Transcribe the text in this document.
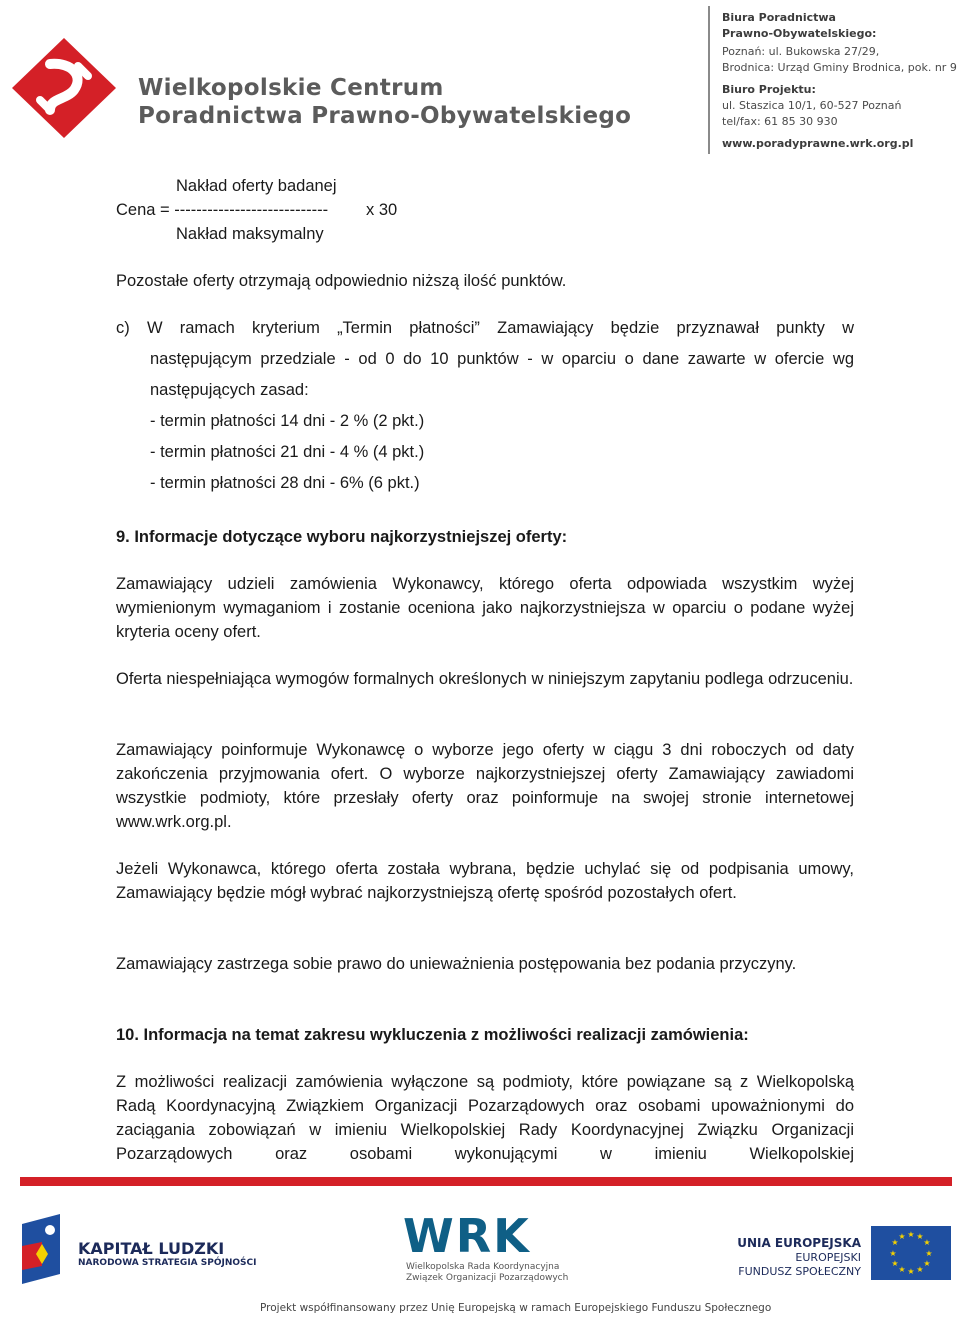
Wielkopolskie Centrum
Poradnictwa Prawno-Obywatelskiego
Biura Poradnictwa
Prawno-Obywatelskiego:
Poznań: ul. Bukowska 27/29,
Brodnica: Urząd Gminy Brodnica, pok. nr 9
Biuro Projektu:
ul. Staszica 10/1, 60-527 Poznań
tel/fax: 61 85 30 930
www.poradyprawne.wrk.org.pl
Nakład oferty badanej
Cena = ---------------------------- x 30
Nakład maksymalny
Pozostałe oferty otrzymają odpowiednio niższą ilość punktów.
c) W ramach kryterium „Termin płatności” Zamawiający będzie przyznawał punkty w
następującym przedziale - od 0 do 10 punktów - w oparciu o dane zawarte w ofercie wg
następujących zasad:
- termin płatności 14 dni - 2 % (2 pkt.)
- termin płatności 21 dni - 4 % (4 pkt.)
- termin płatności 28 dni - 6% (6 pkt.)
9. Informacje dotyczące wyboru najkorzystniejszej oferty:
Zamawiający udzieli zamówienia Wykonawcy, którego oferta odpowiada wszystkim wyżej wymienionym wymaganiom i zostanie oceniona jako najkorzystniejsza w oparciu o podane wyżej kryteria oceny ofert.
Oferta niespełniająca wymogów formalnych określonych w niniejszym zapytaniu podlega odrzuceniu.
Zamawiający poinformuje Wykonawcę o wyborze jego oferty w ciągu 3 dni roboczych od daty zakończenia przyjmowania ofert. O wyborze najkorzystniejszej oferty Zamawiający zawiadomi wszystkie podmioty, które przesłały oferty oraz poinformuje na swojej stronie internetowej www.wrk.org.pl.
Jeżeli Wykonawca, którego oferta została wybrana, będzie uchylać się od podpisania umowy, Zamawiający będzie mógł wybrać najkorzystniejszą ofertę spośród pozostałych ofert.
Zamawiający zastrzega sobie prawo do unieważnienia postępowania bez podania przyczyny.
10. Informacja na temat zakresu wykluczenia z możliwości realizacji zamówienia:
Z możliwości realizacji zamówienia wyłączone są podmioty, które powiązane są z Wielkopolską Radą Koordynacyjną Związkiem Organizacji Pozarządowych oraz osobami upoważnionymi do zaciągania zobowiązań w imieniu Wielkopolskiej Rady Koordynacyjnej Związku Organizacji Pozarządowych oraz osobami wykonującymi w imieniu Wielkopolskiej
KAPITAŁ LUDZKI
NARODOWA STRATEGIA SPÓJNOŚCI	WRK
Wielkopolska Rada Koordynacyjna
Związek Organizacji Pozarządowych
UNIA EUROPEJSKA
EUROPEJSKI
FUNDUSZ SPOŁECZNY
★ ★
★
★
★
★
★
★
★
★
★
★
Projekt współfinansowany przez Unię Europejską w ramach Europejskiego Funduszu Społecznego
